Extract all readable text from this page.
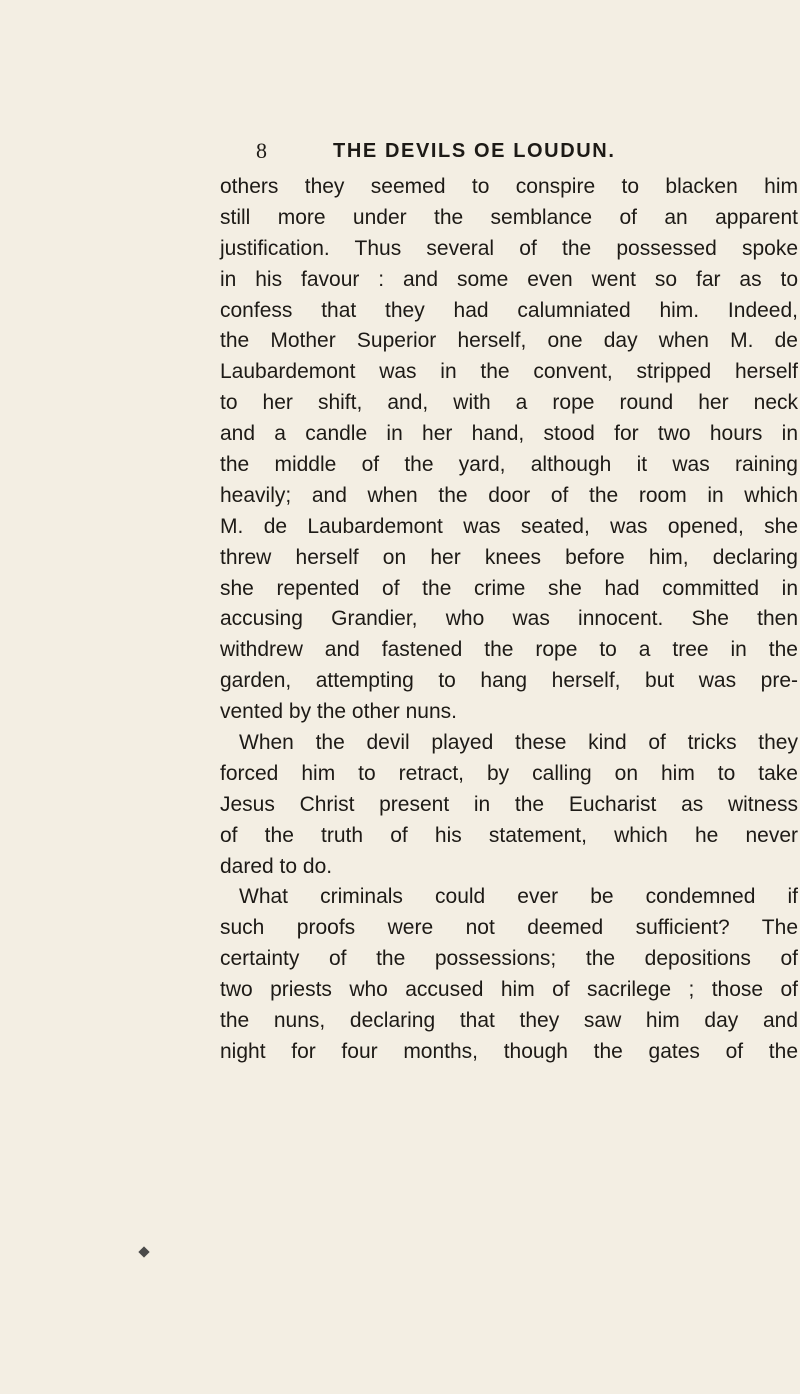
8	THE DEVILS OE LOUDUN.
others they seemed to conspire to blacken him
still more under the semblance of an apparent
justification. Thus several of the possessed spoke
in his favour : and some even went so far as to
confess that they had calumniated him. Indeed,
the Mother Superior herself, one day when M. de
Laubardemont was in the convent, stripped herself
to her shift, and, with a rope round her neck
and a candle in her hand, stood for two hours in
the middle of the yard, although it was raining
heavily; and when the door of the room in which
M. de Laubardemont was seated, was opened, she
threw herself on her knees before him, declaring
she repented of the crime she had committed in
accusing Grandier, who was innocent. She then
withdrew and fastened the rope to a tree in the
garden, attempting to hang herself, but was pre-
vented by the other nuns.
When the devil played these kind of tricks they
forced him to retract, by calling on him to take
Jesus Christ present in the Eucharist as witness
of the truth of his statement, which he never
dared to do.
What criminals could ever be condemned if
such proofs were not deemed sufficient? The
certainty of the possessions; the depositions of
two priests who accused him of sacrilege ; those of
the nuns, declaring that they saw him day and
night for four months, though the gates of the
